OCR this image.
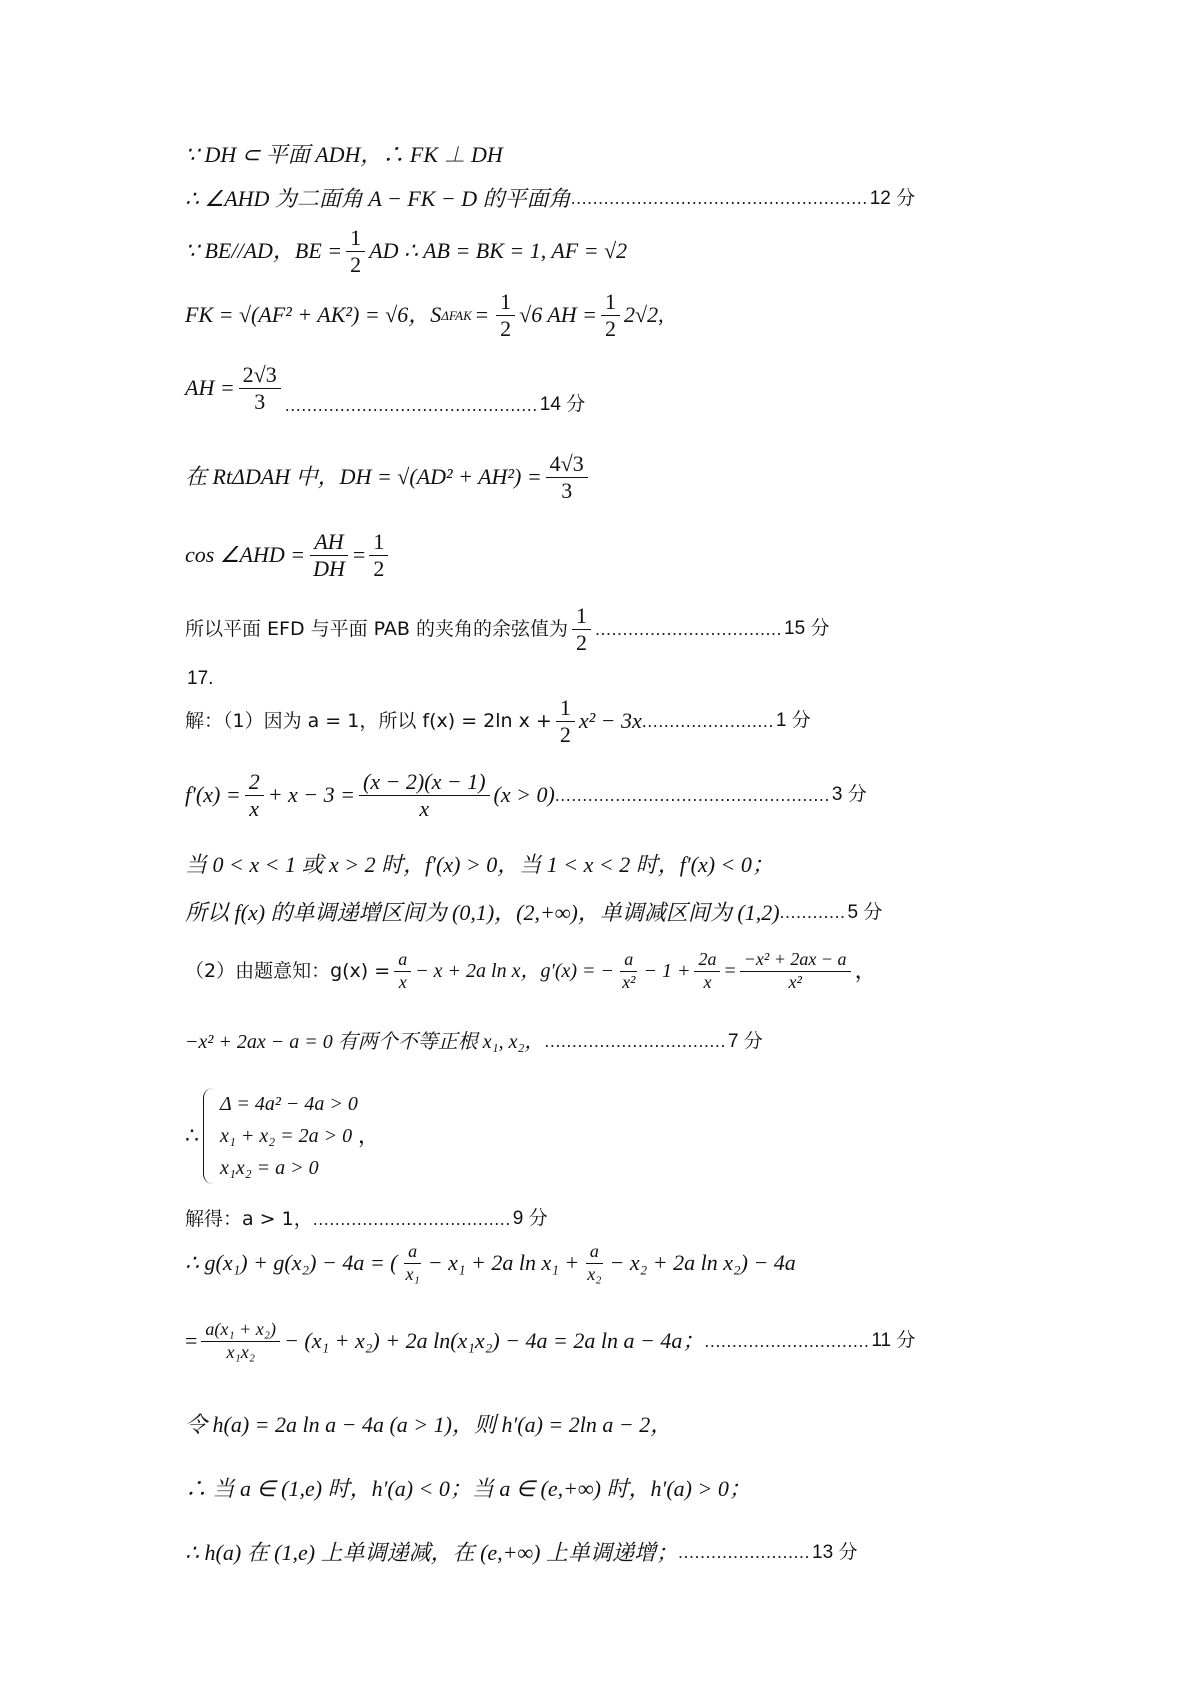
∵ DH ⊂ 平面 ADH，∴ FK ⊥ DH
∴ ∠AHD 为二面角 A − FK − D 的平面角 ...................................................... 12 分
∵ BE//AD，BE = $\frac{1}{2}$ AD ∴ AB = BK = 1, AF = √2
FK = √(AF² + AK²) = √6，S $\Delta FAK = \frac{1}{2} √6$ AH = $\frac{1}{2} 2√2$,
AH = $\frac{2√3}{3}$ .............................................. 14 分
在 RtΔDAH 中，DH = $√(AD^2 + AH^2) = \frac{4√3}{3}$
cos ∠AHD = $\frac{AH}{DH} = \frac{1}{2}$
所以平面 EFD 与平面 PAB 的夹角的余弦值为 $\frac{1}{2}$ .................................. 15 分
17.
解：（1）因为 a = 1，所以 f(x) = 2ln $x + \frac{1}{2} x^2 - 3x$ ........................ 1 分
$f'(x) = \frac{2}{x} + x - 3 = \frac{(x - 2)(x - 1)}{x} (x > 0)$ .................................................. 3 分
当 0 < x < 1 或 x > 2 时，f′(x) > 0，当 1 < x < 2 时，f′(x) < 0；
所以 f(x) 的单调递增区间为 (0,1)，(2,+∞)，单调减区间为 (1,2) ............ 5 分
（2）由题意知：$g(x) = \frac{a}{x} - x + 2a$ ln x，g′(x) = − $\frac{a}{\text{x²}} - 1 + \frac{2a}{x} = \frac{\text{−x² + 2ax − a}}{\text{x²}}$ ，
−x² + 2ax − a = 0 有两个不等正根 x₁, x₂， ................................. 7 分
∴
Δ = 4a² − 4a > 0
x₁ + x₂ = 2a > 0
x₁x₂ = a > 0
，
解得：a > 1， .................................... 9 分
∴ g(x₁) + g(x₂) − 4a = ( $\frac{a}{\text{x₁}} - x_1 + 2a$ $\ln x_1 + \frac{a}{\text{x₂}} - x_2 + 2a$ ln x₂) − 4a
= $\frac{\text{a(x₁ + x₂)}}{\text{x₁x₂}} - (x_1 + x_2) + 2a$ ln(x₁x₂) − 4a = 2a ln a − 4a； .............................. 11 分
令 h(a) = 2a ln a − 4a (a > 1)，则 h′(a) = 2ln a − 2，
∴ 当 a ∈ (1,e) 时，h′(a) < 0；当 a ∈ (e,+∞) 时，h′(a) > 0；
∴ h(a) 在 (1,e) 上单调递减，在 (e,+∞) 上单调递增； ........................ 13 分
